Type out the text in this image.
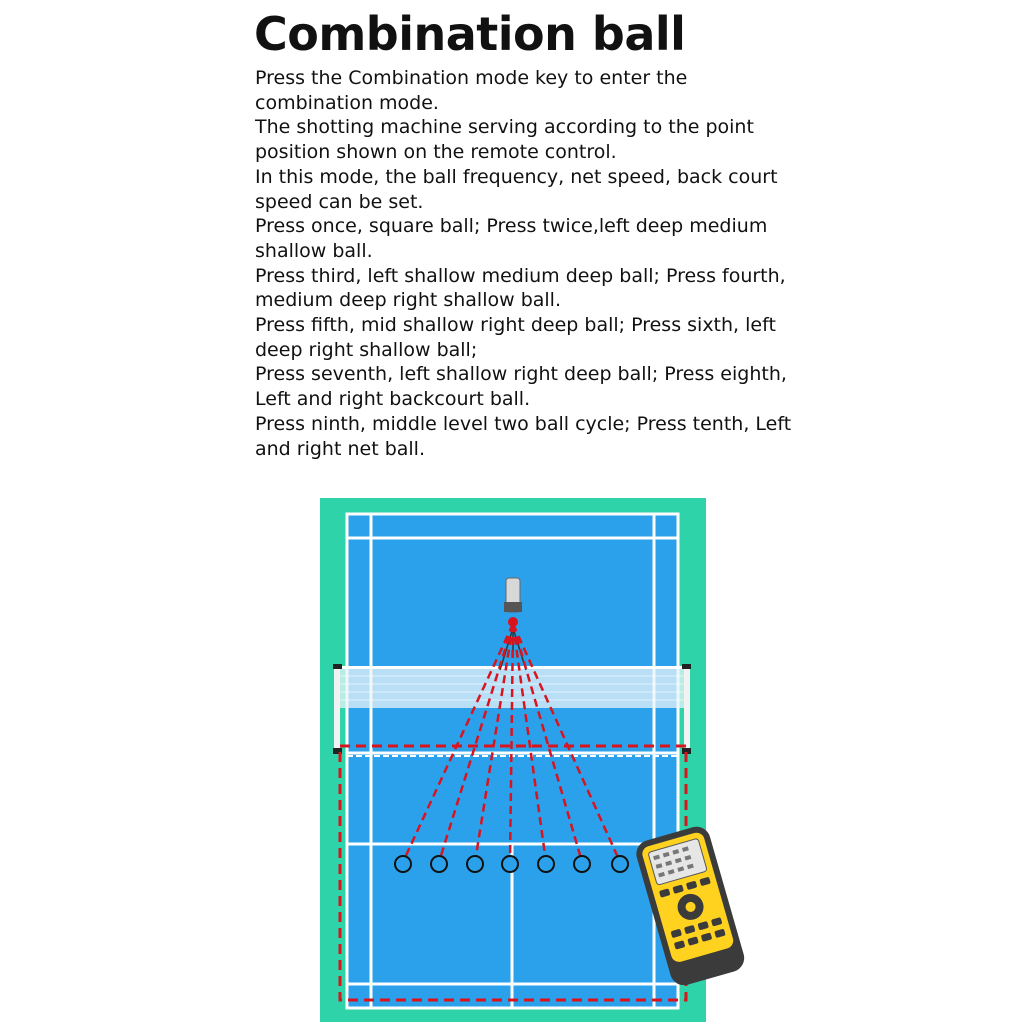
Combination ball

Press the Combination mode key to enter the combination mode.

The shotting machine serving according to the point position shown on the remote control.

In this mode, the ball frequency, net speed, back court speed can be set.

Press once, square ball; Press twice,left deep medium shallow ball.

Press third, left shallow medium deep ball; Press fourth, medium deep right shallow ball.

Press fifth, mid shallow right deep ball; Press sixth, left deep right shallow ball;

Press seventh, left shallow right deep ball; Press eighth, Left and right backcourt ball.

Press ninth, middle level two ball cycle; Press tenth, Left and right net ball.
